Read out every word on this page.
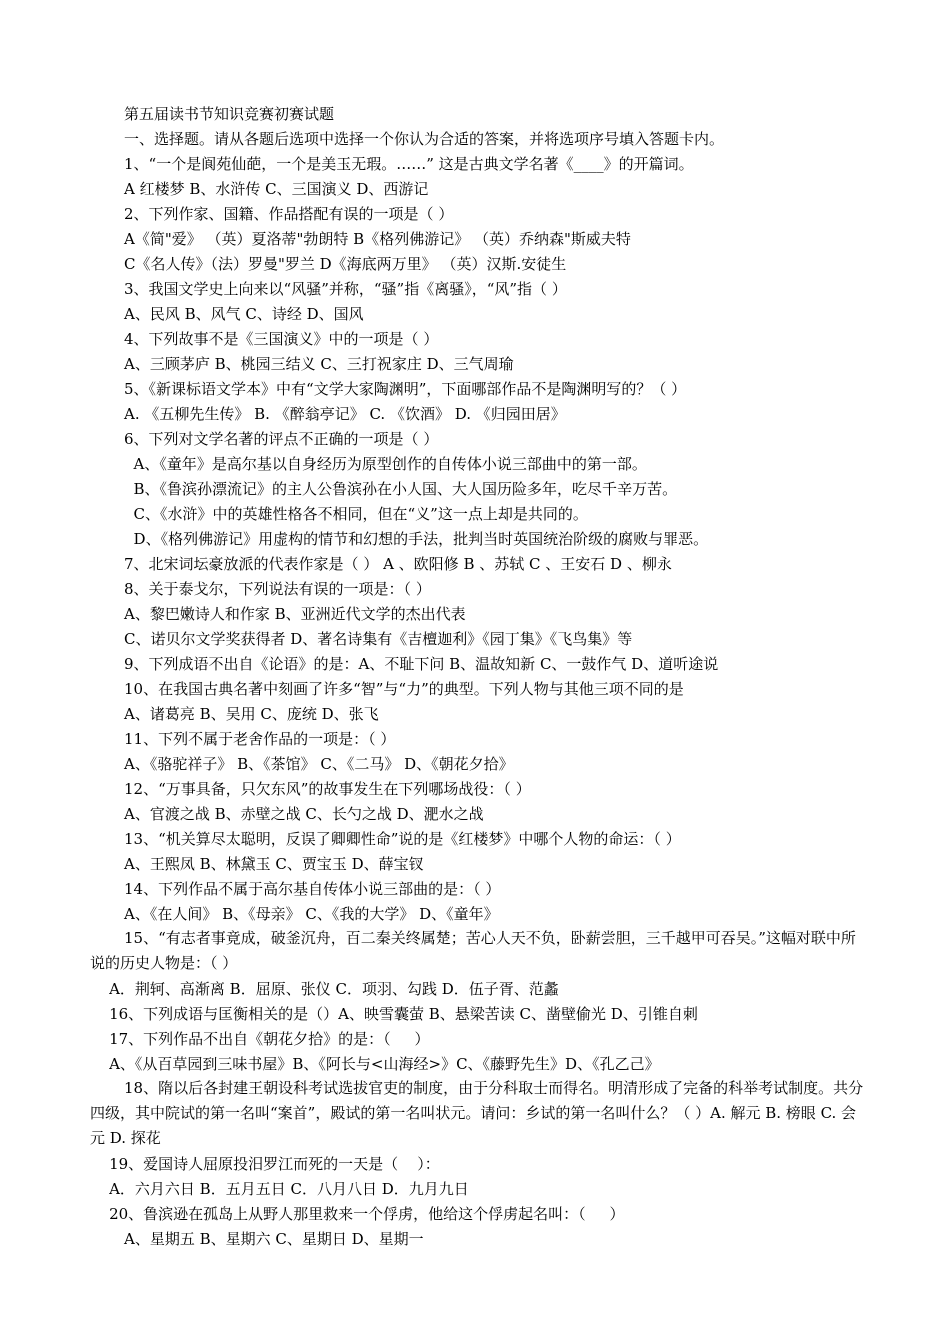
第五届读书节知识竞赛初赛试题
一、选择题。请从各题后选项中选择一个你认为合适的答案，并将选项序号填入答题卡内。
1、“一个是阆苑仙葩，一个是美玉无瑕。……” 这是古典文学名著《____》的开篇词。
A 红楼梦 B、水浒传 C、三国演义 D、西游记
2、下列作家、国籍、作品搭配有误的一项是（ ）
A《简"爱》 （英）夏洛蒂"勃朗特 B《格列佛游记》 （英）乔纳森"斯威夫特
C《名人传》（法）罗曼"罗兰 D《海底两万里》 （英）汉斯.安徒生
3、我国文学史上向来以“风骚”并称，“骚”指《离骚》，“风”指（ ）
A、民风 B、风气 C、诗经 D、国风
4、下列故事不是《三国演义》中的一项是（ ）
A、三顾茅庐 B、桃园三结义 C、三打祝家庄 D、三气周瑜
5、《新课标语文学本》中有“文学大家陶渊明”，下面哪部作品不是陶渊明写的？（ ）
A. 《五柳先生传》 B. 《醉翁亭记》 C. 《饮酒》 D. 《归园田居》
6、下列对文学名著的评点不正确的一项是（ ）
A、《童年》是高尔基以自身经历为原型创作的自传体小说三部曲中的第一部。
B、《鲁滨孙漂流记》的主人公鲁滨孙在小人国、大人国历险多年，吃尽千辛万苦。
C、《水浒》中的英雄性格各不相同，但在“义”这一点上却是共同的。
D、《格列佛游记》用虚构的情节和幻想的手法，批判当时英国统治阶级的腐败与罪恶。
7、北宋词坛豪放派的代表作家是（ ） A 、欧阳修 B 、苏轼 C 、王安石 D 、柳永
8、关于泰戈尔，下列说法有误的一项是：（ ）
A、黎巴嫩诗人和作家 B、亚洲近代文学的杰出代表
C、诺贝尔文学奖获得者 D、著名诗集有《吉檀迦利》《园丁集》《飞鸟集》等
9、下列成语不出自《论语》的是：A、不耻下问 B、温故知新 C、一鼓作气 D、道听途说
10、在我国古典名著中刻画了许多“智”与“力”的典型。下列人物与其他三项不同的是
A、诸葛亮 B、吴用 C、庞统 D、张飞
11、下列不属于老舍作品的一项是：（ ）
A、《骆驼祥子》 B、《茶馆》 C、《二马》 D、《朝花夕拾》
12、“万事具备，只欠东风”的故事发生在下列哪场战役：（ ）
A、官渡之战 B、赤壁之战 C、长勺之战 D、淝水之战
13、“机关算尽太聪明，反误了卿卿性命”说的是《红楼梦》中哪个人物的命运：（ ）
A、王熙凤 B、林黛玉 C、贾宝玉 D、薛宝钗
14、下列作品不属于高尔基自传体小说三部曲的是：（ ）
A、《在人间》 B、《母亲》 C、《我的大学》 D、《童年》
15、“有志者事竟成，破釜沉舟，百二秦关终属楚；苦心人天不负，卧薪尝胆，三千越甲可吞吴。”这幅对联中所说的历史人物是：（ ）
A．荆轲、高渐离 B．屈原、张仪 C．项羽、勾践 D．伍子胥、范蠡
16、下列成语与匡衡相关的是（）A、映雪囊萤 B、悬梁苦读 C、凿壁偷光 D、引锥自刺
17、下列作品不出自《朝花夕拾》的是：（     ）
A、《从百草园到三味书屋》B、《阿长与<山海经>》C、《藤野先生》D、《孔乙己》
18、隋以后各封建王朝设科考试选拔官吏的制度，由于分科取士而得名。明清形成了完备的科举考试制度。共分四级，其中院试的第一名叫“案首”，殿试的第一名叫状元。请问：乡试的第一名叫什么？（ ）A. 解元 B. 榜眼 C. 会元 D. 探花
19、爱国诗人屈原投汨罗江而死的一天是（    ）：
A．六月六日 B．五月五日 C．八月八日 D．九月九日
20、鲁滨逊在孤岛上从野人那里救来一个俘虏，他给这个俘虏起名叫：（     ）
A、星期五 B、星期六 C、星期日 D、星期一
